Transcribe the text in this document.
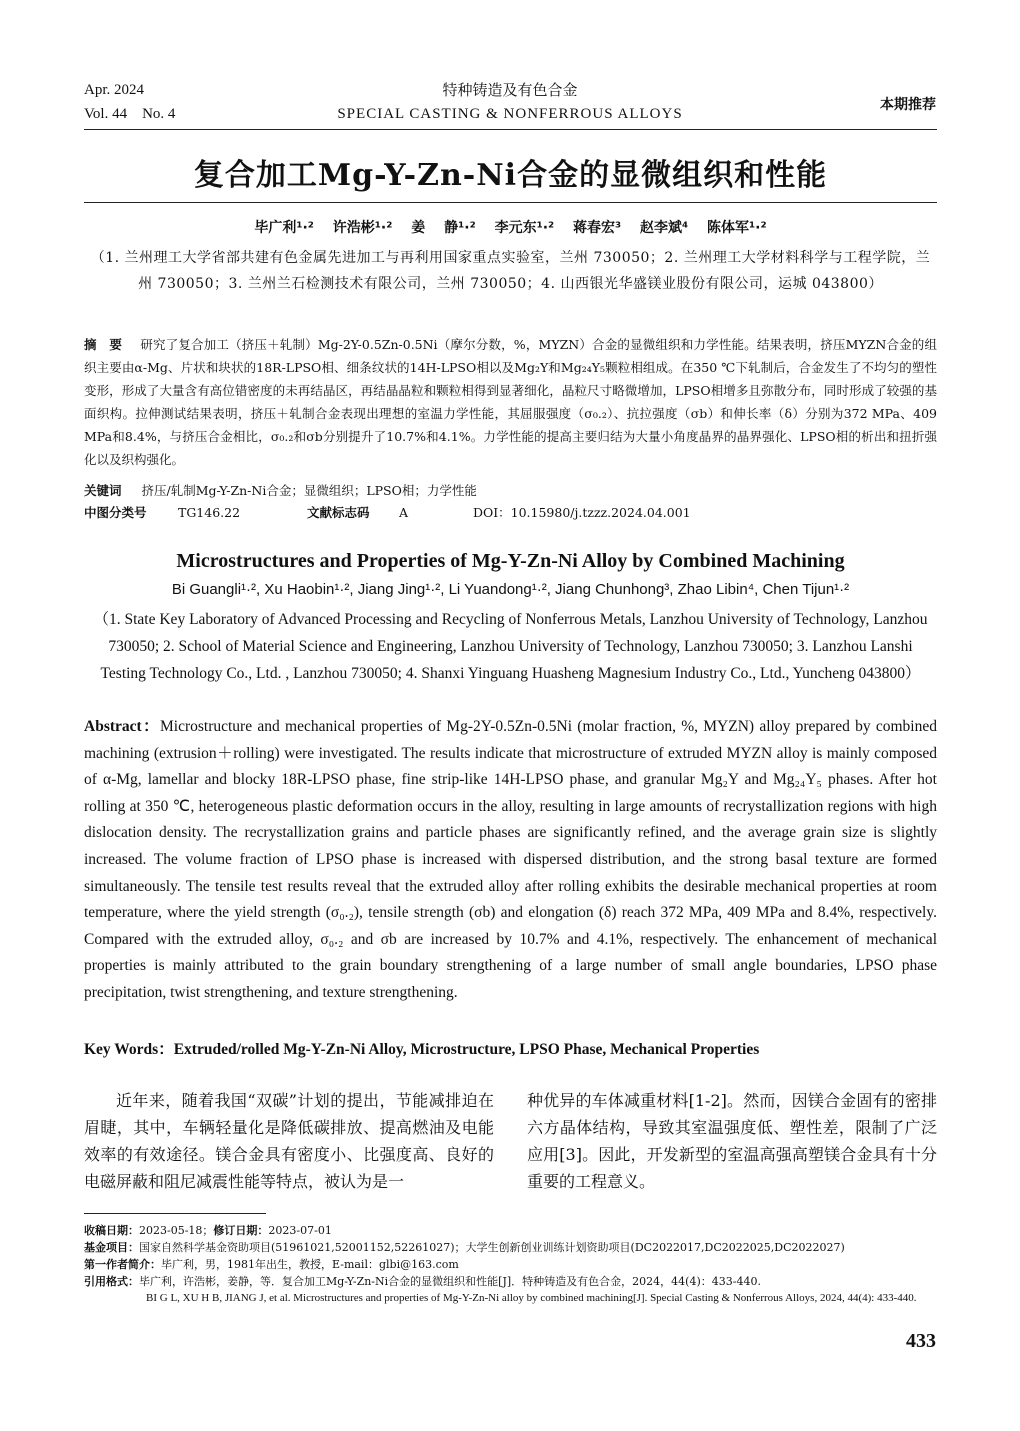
Apr. 2024
Vol. 44　No. 4
特种铸造及有色合金
SPECIAL CASTING & NONFERROUS ALLOYS
本期推荐
复合加工Mg-Y-Zn-Ni合金的显微组织和性能
毕广利¹·² 许浩彬¹·² 姜 静¹·² 李元东¹·² 蒋春宏³ 赵李斌⁴ 陈体军¹·²
（1. 兰州理工大学省部共建有色金属先进加工与再利用国家重点实验室，兰州 730050；2. 兰州理工大学材料科学与工程学院，兰州 730050；3. 兰州兰石检测技术有限公司，兰州 730050；4. 山西银光华盛镁业股份有限公司，运城 043800）
摘　要 研究了复合加工（挤压＋轧制）Mg-2Y-0.5Zn-0.5Ni（摩尔分数，%，MYZN）合金的显微组织和力学性能。结果表明，挤压MYZN合金的组织主要由α-Mg、片状和块状的18R-LPSO相、细条纹状的14H-LPSO相以及Mg₂Y和Mg₂₄Y₅颗粒相组成。在350 ℃下轧制后，合金发生了不均匀的塑性变形，形成了大量含有高位错密度的未再结晶区，再结晶晶粒和颗粒相得到显著细化，晶粒尺寸略微增加，LPSO相增多且弥散分布，同时形成了较强的基面织构。拉伸测试结果表明，挤压＋轧制合金表现出理想的室温力学性能，其屈服强度（σ₀.₂）、抗拉强度（σb）和伸长率（δ）分别为372 MPa、409 MPa和8.4%，与挤压合金相比，σ₀.₂和σb分别提升了10.7%和4.1%。力学性能的提高主要归结为大量小角度晶界的晶界强化、LPSO相的析出和扭折强化以及织构强化。
关键词 挤压/轧制Mg-Y-Zn-Ni合金；显微组织；LPSO相；力学性能
中图分类号	TG146.22	文献标志码 A	DOI：10.15980/j.tzzz.2024.04.001
Microstructures and Properties of Mg-Y-Zn-Ni Alloy by Combined Machining
Bi Guangli¹·², Xu Haobin¹·², Jiang Jing¹·², Li Yuandong¹·², Jiang Chunhong³, Zhao Libin⁴, Chen Tijun¹·²
（1. State Key Laboratory of Advanced Processing and Recycling of Nonferrous Metals, Lanzhou University of Technology, Lanzhou 730050; 2. School of Material Science and Engineering, Lanzhou University of Technology, Lanzhou 730050; 3. Lanzhou Lanshi Testing Technology Co., Ltd. , Lanzhou 730050; 4. Shanxi Yinguang Huasheng Magnesium Industry Co., Ltd., Yuncheng 043800）
Abstract：Microstructure and mechanical properties of Mg-2Y-0.5Zn-0.5Ni (molar fraction, %, MYZN) alloy prepared by combined machining (extrusion＋rolling) were investigated. The results indicate that microstructure of extruded MYZN alloy is mainly composed of α-Mg, lamellar and blocky 18R-LPSO phase, fine strip-like 14H-LPSO phase, and granular Mg₂Y and Mg₂₄Y₅ phases. After hot rolling at 350 ℃, heterogeneous plastic deformation occurs in the alloy, resulting in large amounts of recrystallization regions with high dislocation density. The recrystallization grains and particle phases are significantly refined, and the average grain size is slightly increased. The volume fraction of LPSO phase is increased with dispersed distribution, and the strong basal texture are formed simultaneously. The tensile test results reveal that the extruded alloy after rolling exhibits the desirable mechanical properties at room temperature, where the yield strength (σ₀.₂), tensile strength (σb) and elongation (δ) reach 372 MPa, 409 MPa and 8.4%, respectively. Compared with the extruded alloy, σ₀.₂ and σb are increased by 10.7% and 4.1%, respectively. The enhancement of mechanical properties is mainly attributed to the grain boundary strengthening of a large number of small angle boundaries, LPSO phase precipitation, twist strengthening, and texture strengthening.
Key Words：Extruded/rolled Mg-Y-Zn-Ni Alloy, Microstructure, LPSO Phase, Mechanical Properties
近年来，随着我国“双碳”计划的提出，节能减排迫在眉睫，其中，车辆轻量化是降低碳排放、提高燃油及电能效率的有效途径。镁合金具有密度小、比强度高、良好的电磁屏蔽和阻尼减震性能等特点，被认为是一
种优异的车体减重材料[1-2]。然而，因镁合金固有的密排六方晶体结构，导致其室温强度低、塑性差，限制了广泛应用[3]。因此，开发新型的室温高强高塑镁合金具有十分重要的工程意义。
收稿日期：2023-05-18；修订日期：2023-07-01
基金项目：国家自然科学基金资助项目(51961021,52001152,52261027)；大学生创新创业训练计划资助项目(DC2022017,DC2022025,DC2022027)
第一作者简介：毕广利，男，1981年出生，教授，E-mail：glbi@163.com
引用格式：毕广利，许浩彬，姜静，等．复合加工Mg-Y-Zn-Ni合金的显微组织和性能[J]．特种铸造及有色合金，2024，44(4)：433-440.
BI G L, XU H B, JIANG J, et al. Microstructures and properties of Mg-Y-Zn-Ni alloy by combined machining[J]. Special Casting & Nonferrous Alloys, 2024, 44(4): 433-440.
433
